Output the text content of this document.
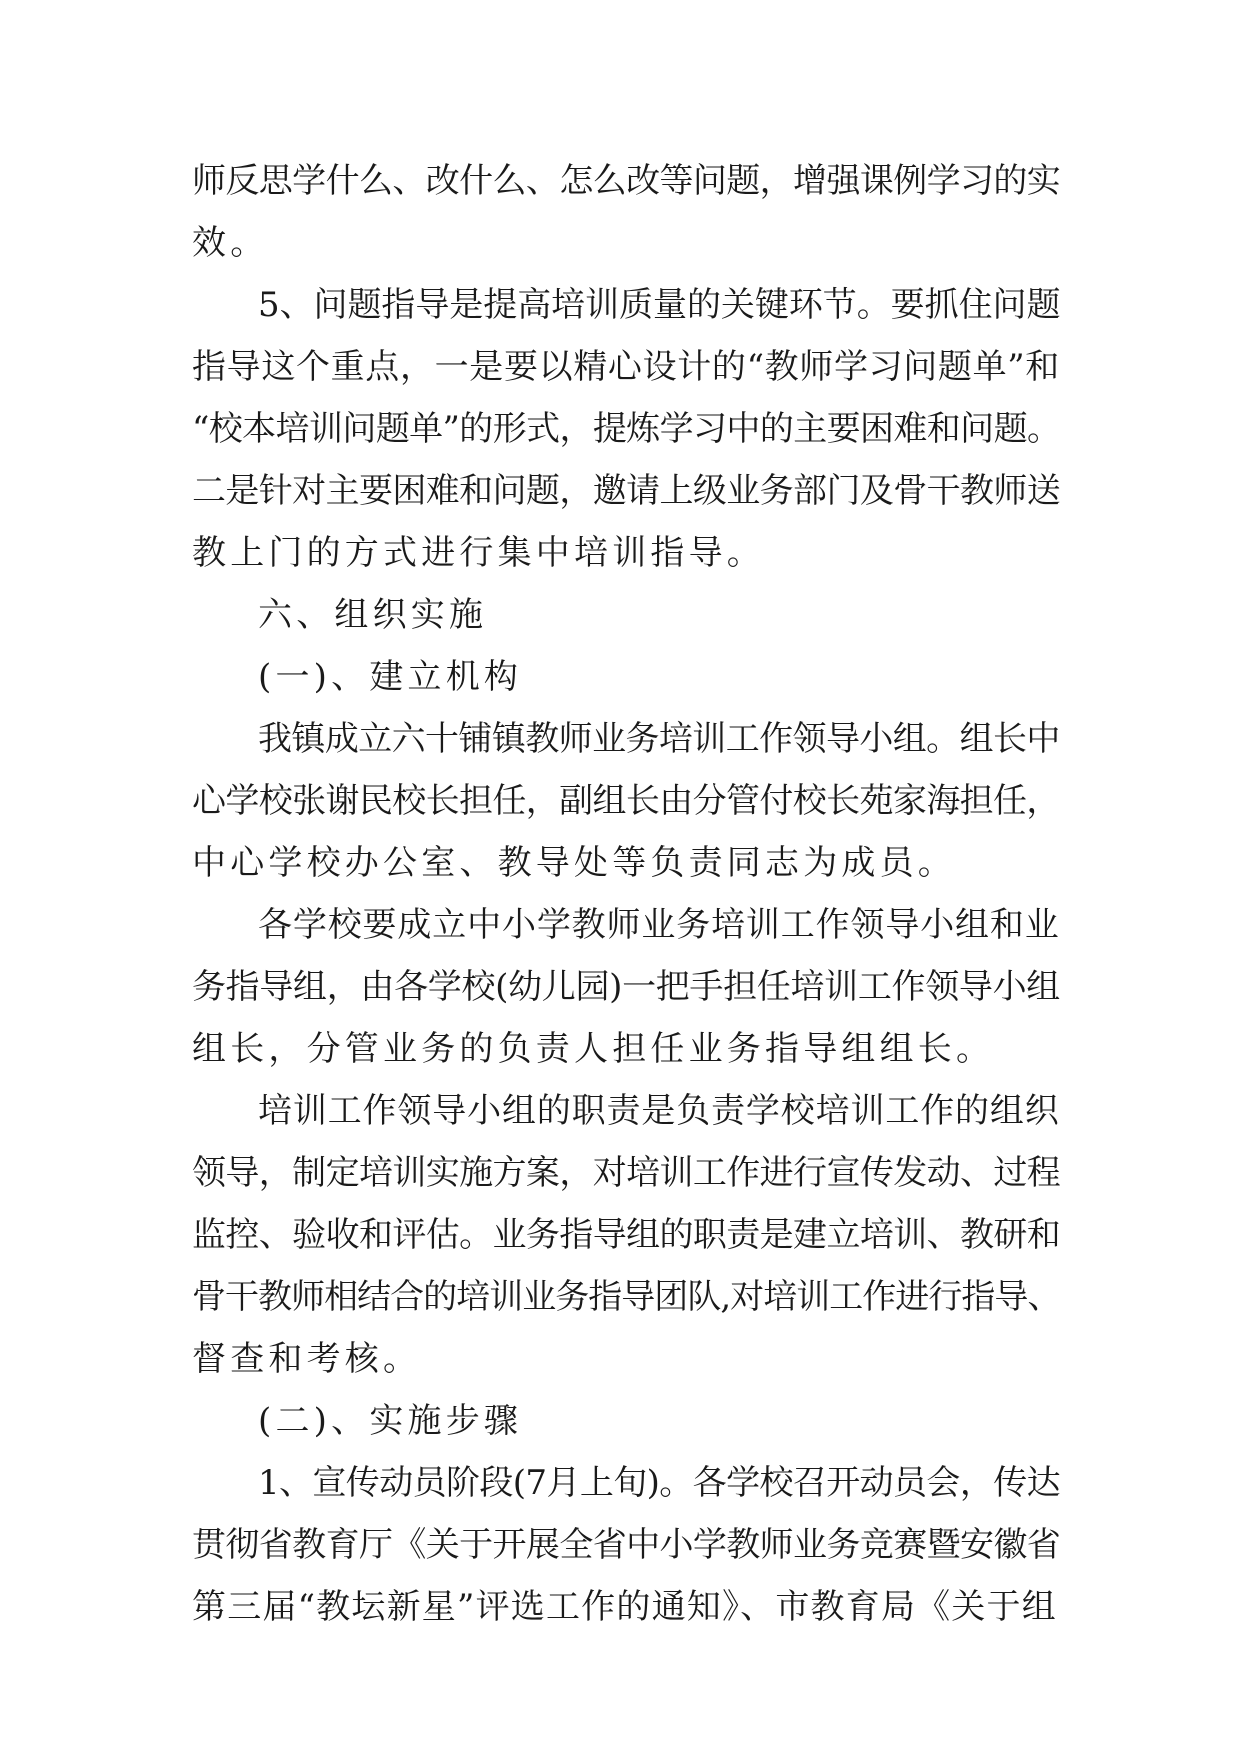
师反思学什么、改什么、怎么改等问题，增强课例学习的实
效。
5、问题指导是提高培训质量的关键环节。要抓住问题
指导这个重点，一是要以精心设计的“教师学习问题单”和
“校本培训问题单”的形式，提炼学习中的主要困难和问题。
二是针对主要困难和问题，邀请上级业务部门及骨干教师送
教上门的方式进行集中培训指导。
六、组织实施
(一)、建立机构
我镇成立六十铺镇教师业务培训工作领导小组。组长中
心学校张谢民校长担任，副组长由分管付校长苑家海担任，
中心学校办公室、教导处等负责同志为成员。
各学校要成立中小学教师业务培训工作领导小组和业
务指导组，由各学校(幼儿园)一把手担任培训工作领导小组
组长，分管业务的负责人担任业务指导组组长。
培训工作领导小组的职责是负责学校培训工作的组织
领导，制定培训实施方案，对培训工作进行宣传发动、过程
监控、验收和评估。业务指导组的职责是建立培训、教研和
骨干教师相结合的培训业务指导团队,对培训工作进行指导、
督查和考核。
(二)、实施步骤
1、宣传动员阶段(7月上旬)。各学校召开动员会，传达
贯彻省教育厅《关于开展全省中小学教师业务竞赛暨安徽省
第三届“教坛新星”评选工作的通知》、市教育局《关于组
